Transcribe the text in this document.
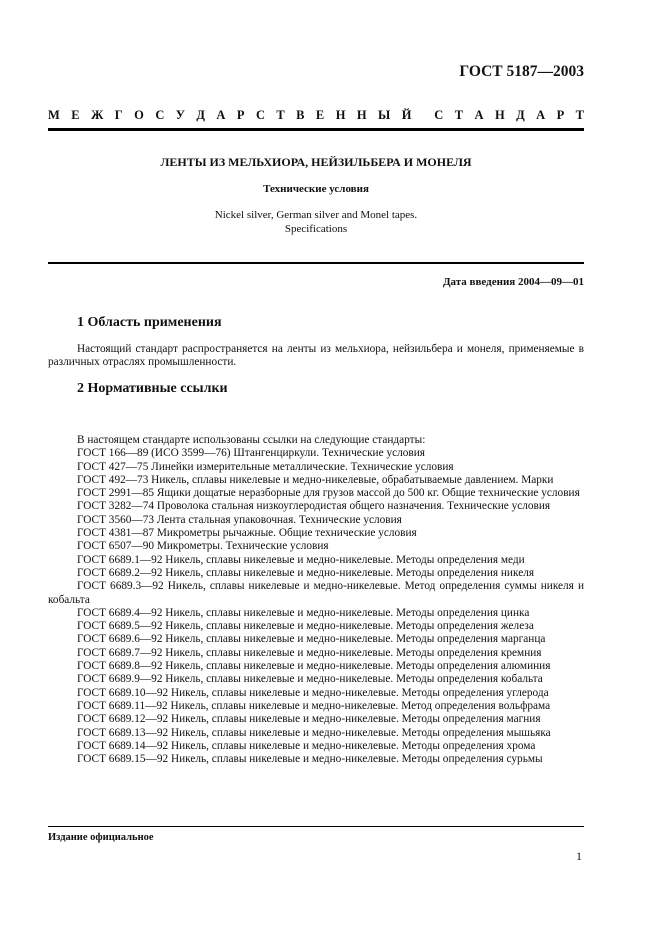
ГОСТ 5187—2003
М Е Ж Г О С У Д А Р С Т В Е Н Н Ы Й С Т А Н Д А Р Т
ЛЕНТЫ ИЗ МЕЛЬХИОРА, НЕЙЗИЛЬБЕРА И МОНЕЛЯ
Технические условия
Nickel silver, German silver and Monel tapes.
Specifications
Дата введения 2004—09—01
1 Область применения

Настоящий стандарт распространяется на ленты из мельхиора, нейзильбера и монеля, применяемые в различных отраслях промышленности.

2 Нормативные ссылки

В настоящем стандарте использованы ссылки на следующие стандарты:

ГОСТ 166—89 (ИСО 3599—76) Штангенциркули. Технические условия

ГОСТ 427—75 Линейки измерительные металлические. Технические условия

ГОСТ 492—73 Никель, сплавы никелевые и медно-никелевые, обрабатываемые давлением. Марки

ГОСТ 2991—85 Ящики дощатые неразборные для грузов массой до 500 кг. Общие технические условия

ГОСТ 3282—74 Проволока стальная низкоуглеродистая общего назначения. Технические условия

ГОСТ 3560—73 Лента стальная упаковочная. Технические условия

ГОСТ 4381—87 Микрометры рычажные. Общие технические условия

ГОСТ 6507—90 Микрометры. Технические условия

ГОСТ 6689.1—92 Никель, сплавы никелевые и медно-никелевые. Методы определения меди

ГОСТ 6689.2—92 Никель, сплавы никелевые и медно-никелевые. Методы определения никеля

ГОСТ 6689.3—92 Никель, сплавы никелевые и медно-никелевые. Метод определения суммы никеля и кобальта

ГОСТ 6689.4—92 Никель, сплавы никелевые и медно-никелевые. Методы определения цинка

ГОСТ 6689.5—92 Никель, сплавы никелевые и медно-никелевые. Методы определения железа

ГОСТ 6689.6—92 Никель, сплавы никелевые и медно-никелевые. Методы определения марганца

ГОСТ 6689.7—92 Никель, сплавы никелевые и медно-никелевые. Методы определения кремния

ГОСТ 6689.8—92 Никель, сплавы никелевые и медно-никелевые. Методы определения алюминия

ГОСТ 6689.9—92 Никель, сплавы никелевые и медно-никелевые. Методы определения кобальта

ГОСТ 6689.10—92 Никель, сплавы никелевые и медно-никелевые. Методы определения углерода

ГОСТ 6689.11—92 Никель, сплавы никелевые и медно-никелевые. Метод определения вольфрама

ГОСТ 6689.12—92 Никель, сплавы никелевые и медно-никелевые. Методы определения магния

ГОСТ 6689.13—92 Никель, сплавы никелевые и медно-никелевые. Методы определения мышьяка

ГОСТ 6689.14—92 Никель, сплавы никелевые и медно-никелевые. Методы определения хрома

ГОСТ 6689.15—92 Никель, сплавы никелевые и медно-никелевые. Методы определения сурьмы

Издание официальное
1
